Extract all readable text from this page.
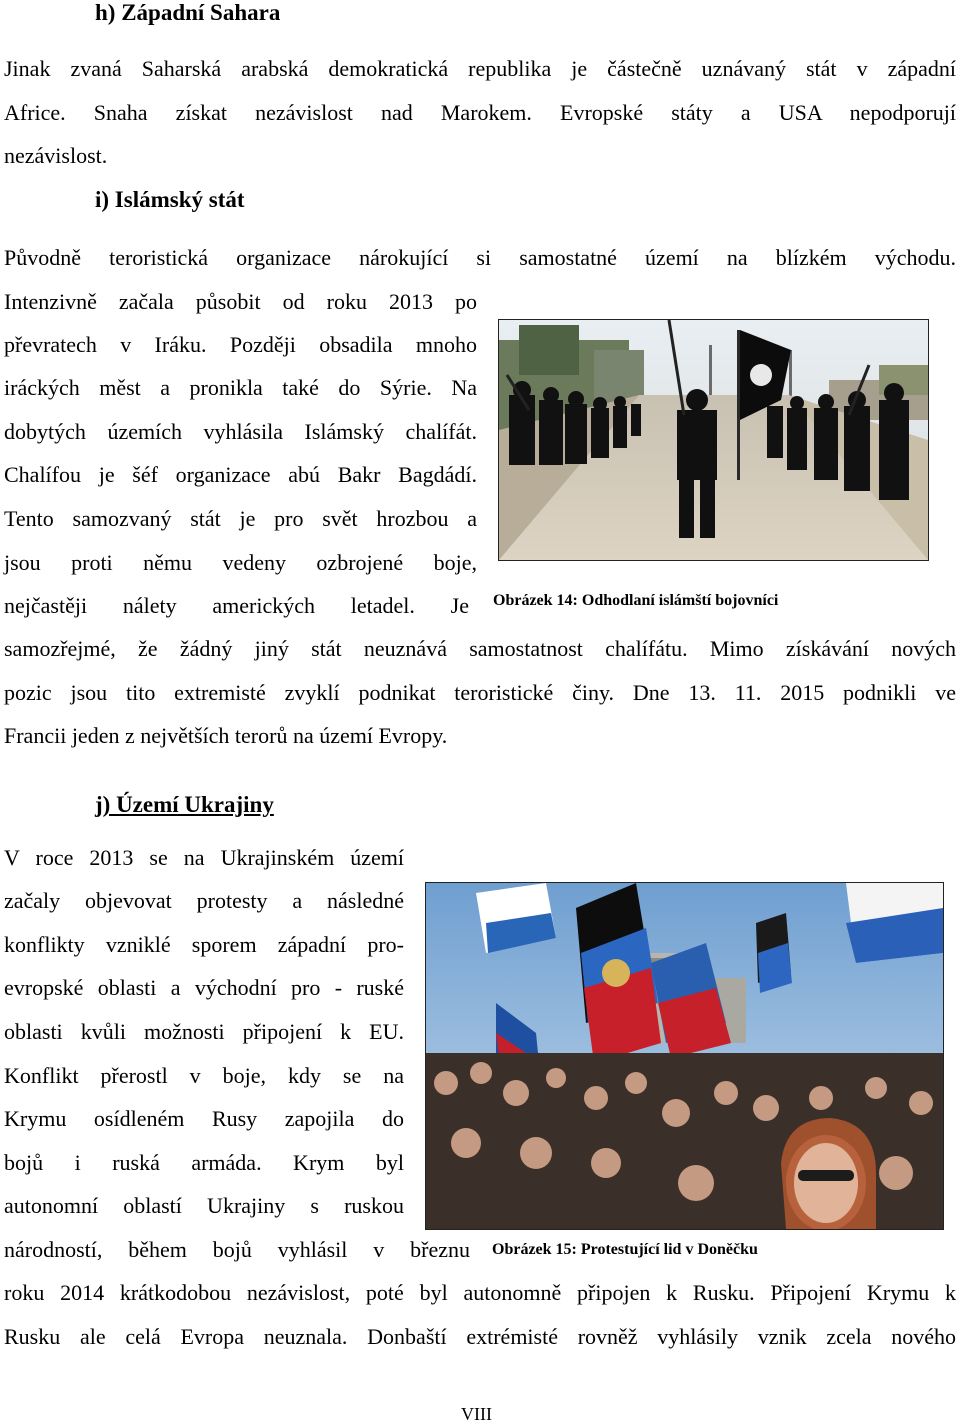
h) Západní Sahara
Jinak zvaná Saharská arabská demokratická republika je částečně uznávaný stát v západní
Africe. Snaha získat nezávislost nad Marokem. Evropské státy a USA nepodporují
nezávislost.
i) Islámský stát
Původně teroristická organizace nárokující si samostatné území na blízkém východu.
Intenzivně začala působit od roku 2013 po
převratech v Iráku. Později obsadila mnoho
iráckých měst a pronikla také do Sýrie. Na
dobytých územích vyhlásila Islámský chalífát.
Chalífou je šéf organizace abú Bakr Bagdádí.
Tento samozvaný stát je pro svět hrozbou a
jsou proti němu vedeny ozbrojené boje,
nejčastěji nálety amerických letadel. Je
samozřejmé, že žádný jiný stát neuznává samostatnost chalífátu. Mimo získávání nových
pozic jsou tito extremisté zvyklí podnikat teroristické činy. Dne 13. 11. 2015 podnikli ve
Francii jeden z největších terorů na území Evropy.
Obrázek 14: Odhodlaní islámští bojovníci
j) Území Ukrajiny
V roce 2013 se na Ukrajinském území
začaly objevovat protesty a následné
konflikty vzniklé sporem západní pro-
evropské oblasti a východní pro - ruské
oblasti kvůli možnosti připojení k EU.
Konflikt přerostl v boje, kdy se na
Krymu osídleném Rusy zapojila do
bojů i ruská armáda. Krym byl
autonomní oblastí Ukrajiny s ruskou
národností, během bojů vyhlásil v březnu
roku 2014 krátkodobou nezávislost, poté byl autonomně připojen k Rusku. Připojení Krymu k
Rusku ale celá Evropa neuznala. Donbaští extrémisté rovněž vyhlásily vznik zcela nového
Obrázek 15: Protestující lid v Doněčku
VIII
